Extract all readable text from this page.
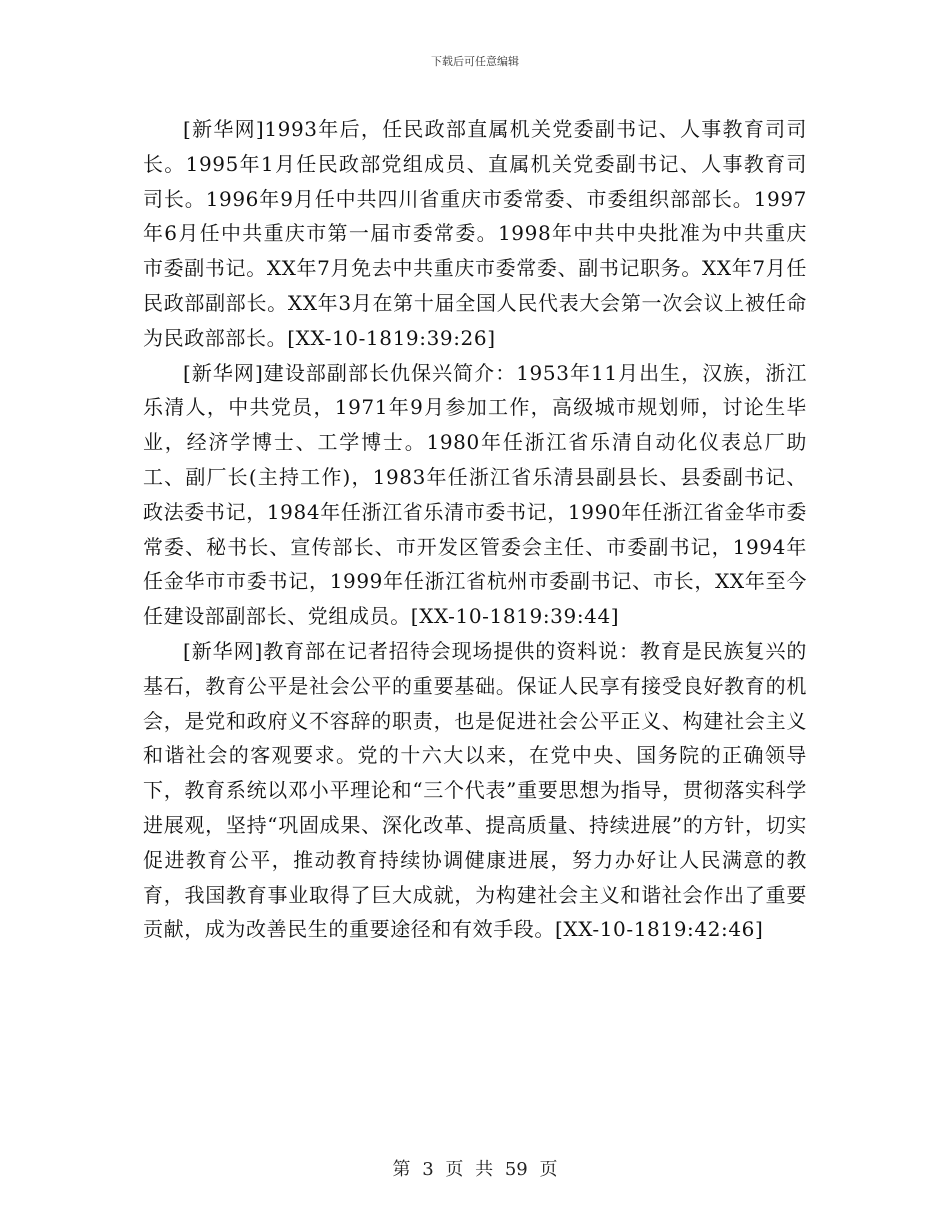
下载后可任意编辑

[新华网]1993年后，任民政部直属机关党委副书记、人事教育司司长。1995年1月任民政部党组成员、直属机关党委副书记、人事教育司司长。1996年9月任中共四川省重庆市委常委、市委组织部部长。1997年6月任中共重庆市第一届市委常委。1998年中共中央批准为中共重庆市委副书记。XX年7月免去中共重庆市委常委、副书记职务。XX年7月任民政部副部长。XX年3月在第十届全国人民代表大会第一次会议上被任命为民政部部长。[XX-10-1819:39:26]

[新华网]建设部副部长仇保兴简介：1953年11月出生，汉族，浙江乐清人，中共党员，1971年9月参加工作，高级城市规划师，讨论生毕业，经济学博士、工学博士。1980年任浙江省乐清自动化仪表总厂助工、副厂长(主持工作)，1983年任浙江省乐清县副县长、县委副书记、政法委书记，1984年任浙江省乐清市委书记，1990年任浙江省金华市委常委、秘书长、宣传部长、市开发区管委会主任、市委副书记，1994年任金华市市委书记，1999年任浙江省杭州市委副书记、市长，XX年至今任建设部副部长、党组成员。[XX-10-1819:39:44]

[新华网]教育部在记者招待会现场提供的资料说：教育是民族复兴的基石，教育公平是社会公平的重要基础。保证人民享有接受良好教育的机会，是党和政府义不容辞的职责，也是促进社会公平正义、构建社会主义和谐社会的客观要求。党的十六大以来，在党中央、国务院的正确领导下，教育系统以邓小平理论和“三个代表”重要思想为指导，贯彻落实科学进展观，坚持“巩固成果、深化改革、提高质量、持续进展”的方针，切实促进教育公平，推动教育持续协调健康进展，努力办好让人民满意的教育，我国教育事业取得了巨大成就，为构建社会主义和谐社会作出了重要贡献，成为改善民生的重要途径和有效手段。[XX-10-1819:42:46]

第 3 页 共 59 页
